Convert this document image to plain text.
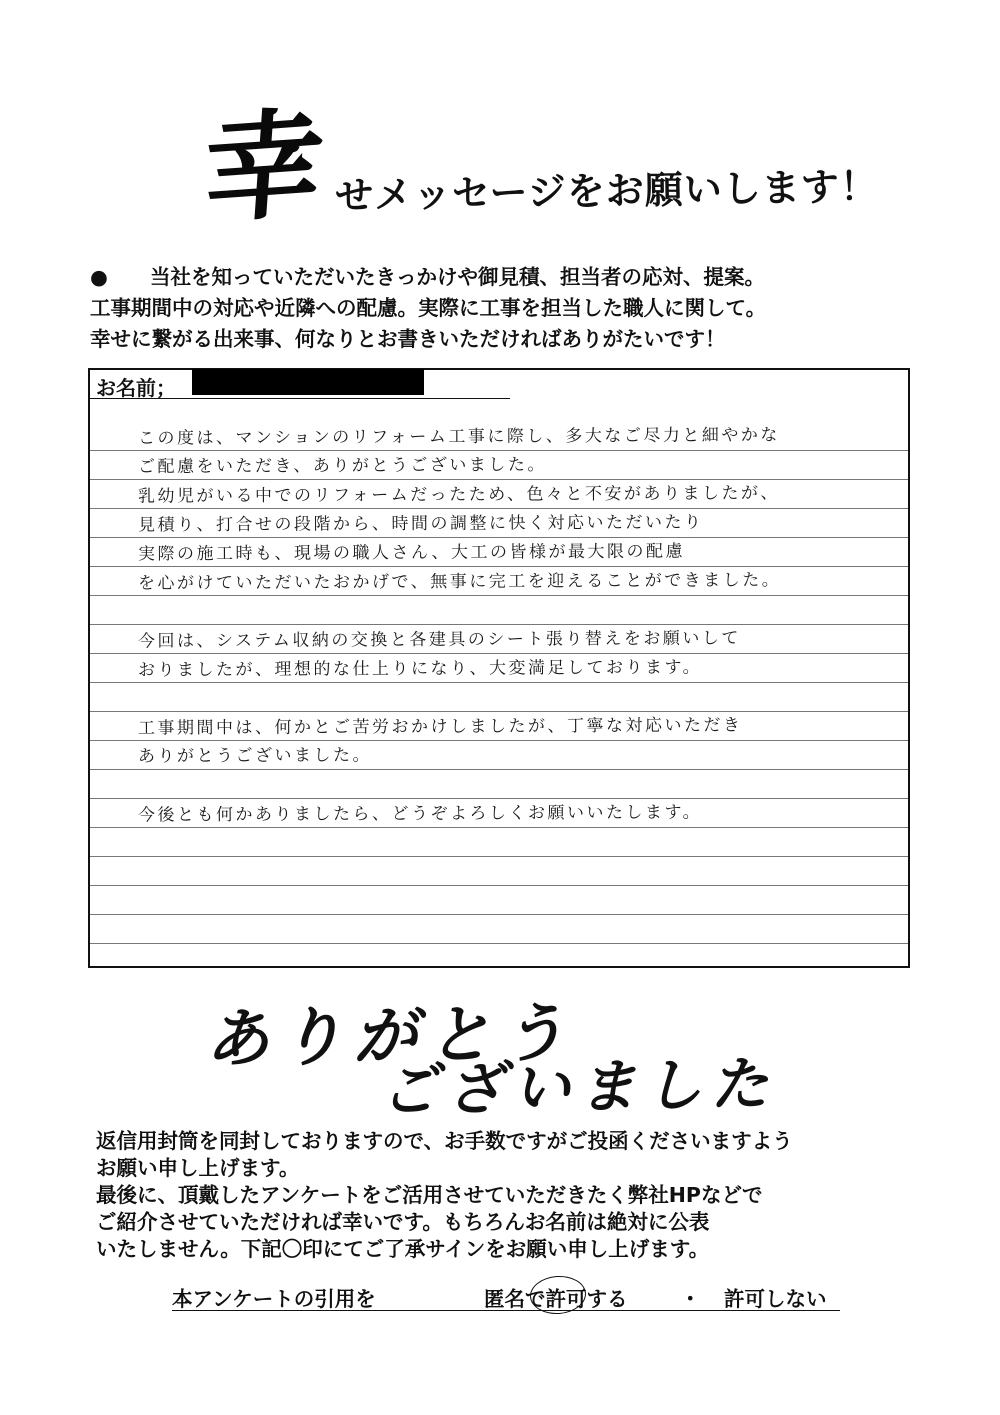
幸 せメッセージをお願いします！
● 当社を知っていただいたきっかけや御見積、担当者の応対、提案。
工事期間中の対応や近隣への配慮。実際に工事を担当した職人に関して。
幸せに繋がる出来事、何なりとお書きいただければありがたいです！
お名前；
この度は、マンションのリフォーム工事に際し、多大なご尽力と細やかな
ご配慮をいただき、ありがとうございました。
乳幼児がいる中でのリフォームだったため、色々と不安がありましたが、
見積り、打合せの段階から、時間の調整に快く対応いただいたり
実際の施工時も、現場の職人さん、大工の皆様が最大限の配慮
を心がけていただいたおかげで、無事に完工を迎えることができました。
今回は、システム収納の交換と各建具のシート張り替えをお願いして
おりましたが、理想的な仕上りになり、大変満足しております。
工事期間中は、何かとご苦労おかけしましたが、丁寧な対応いただき
ありがとうございました。
今後とも何かありましたら、どうぞよろしくお願いいたします。
ありがとう
ございました
返信用封筒を同封しておりますので、お手数ですがご投函くださいますよう
お願い申し上げます。
最後に、頂戴したアンケートをご活用させていただきたく弊社HPなどで
ご紹介させていただければ幸いです。もちろんお名前は絶対に公表
いたしません。下記〇印にてご了承サインをお願い申し上げます。
本アンケートの引用を	匿名で許可する	・ 許可しない
